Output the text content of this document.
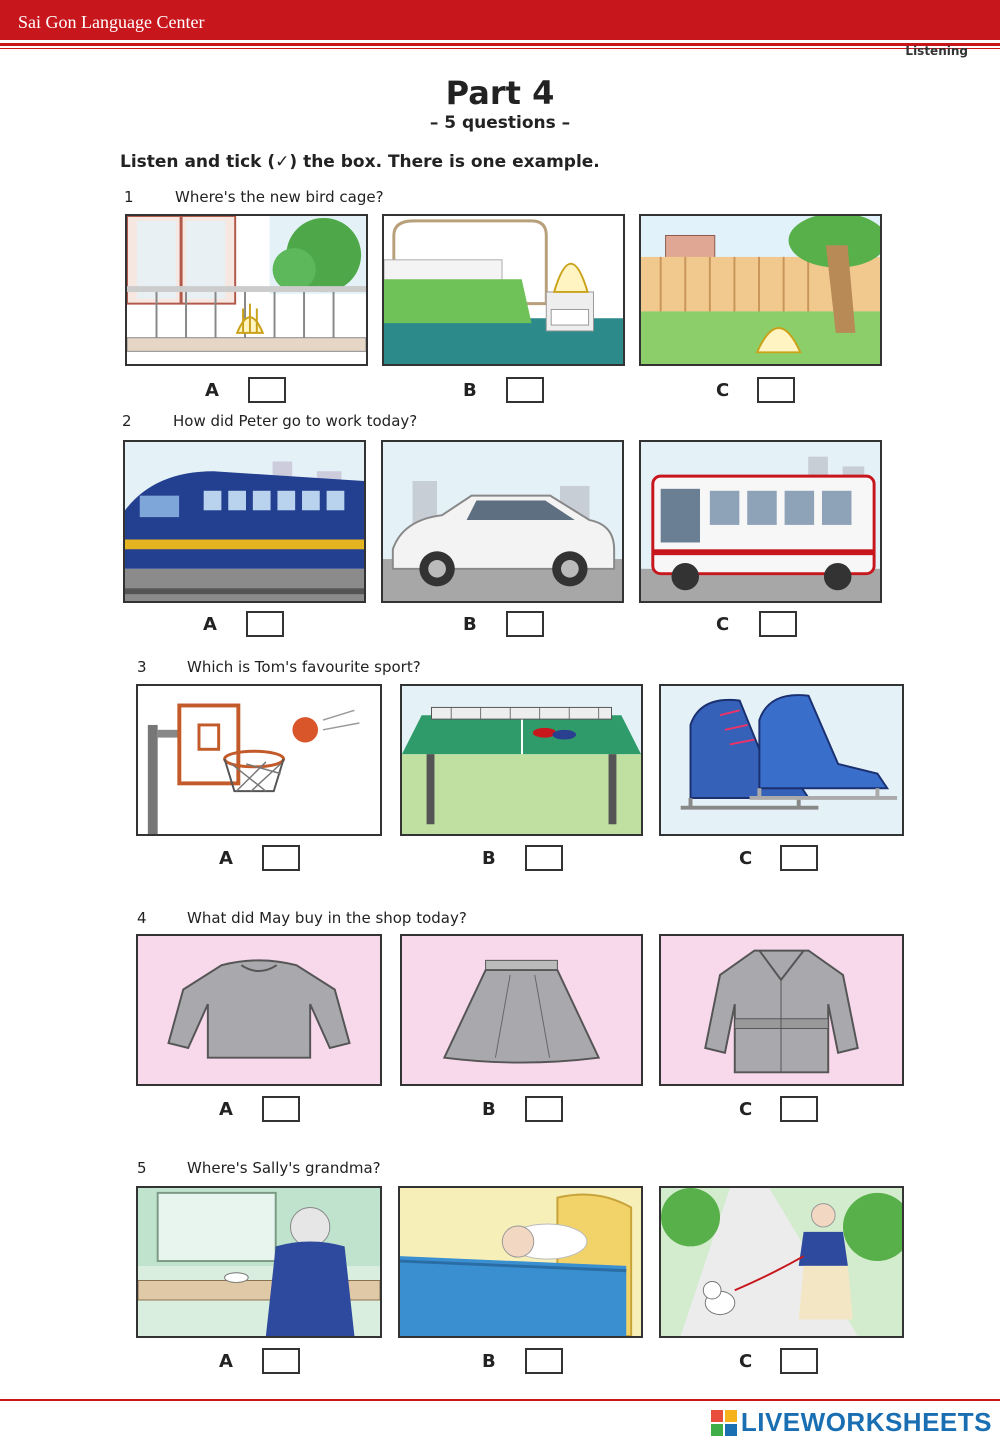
Sai Gon Language Center
Listening
Part 4
– 5 questions –
Listen and tick (✓) the box. There is one example.
1	Where's the new bird cage?
A	B	C
2	How did Peter go to work today?
A	B	C
3	Which is Tom's favourite sport?
A	B	C
4	What did May buy in the shop today?
A	B	C
5	Where's Sally's grandma?
A	B	C
LIVEWORKSHEETS
